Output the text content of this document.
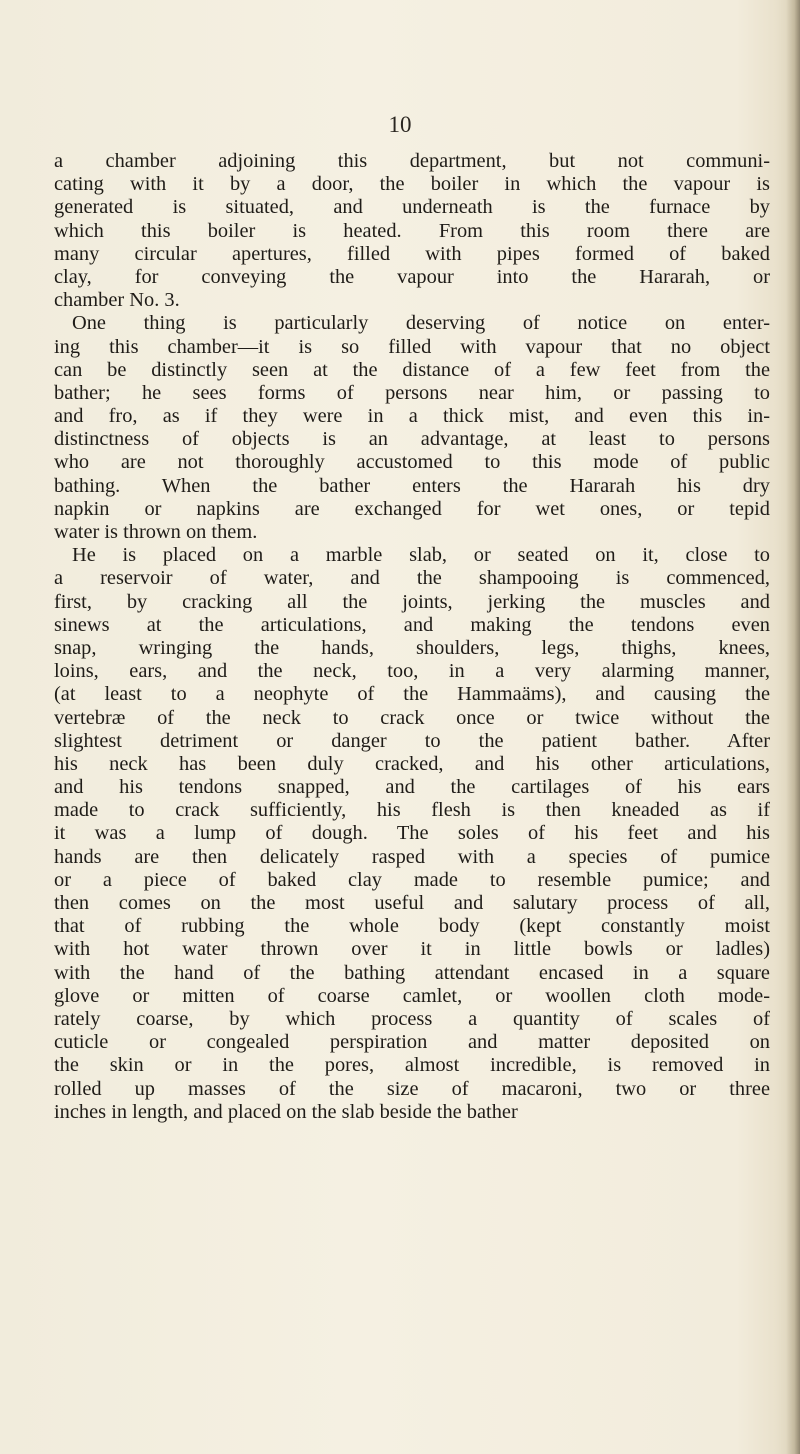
10

a chamber adjoining this department, but not communi-
cating with it by a door, the boiler in which the vapour is
generated is situated, and underneath is the furnace by
which this boiler is heated. From this room there are
many circular apertures, filled with pipes formed of baked
clay, for conveying the vapour into the Hararah, or
chamber No. 3.
One thing is particularly deserving of notice on enter-
ing this chamber—it is so filled with vapour that no object
can be distinctly seen at the distance of a few feet from the
bather; he sees forms of persons near him, or passing to
and fro, as if they were in a thick mist, and even this in-
distinctness of objects is an advantage, at least to persons
who are not thoroughly accustomed to this mode of public
bathing. When the bather enters the Hararah his dry
napkin or napkins are exchanged for wet ones, or tepid
water is thrown on them.
He is placed on a marble slab, or seated on it, close to
a reservoir of water, and the shampooing is commenced,
first, by cracking all the joints, jerking the muscles and
sinews at the articulations, and making the tendons even
snap, wringing the hands, shoulders, legs, thighs, knees,
loins, ears, and the neck, too, in a very alarming manner,
(at least to a neophyte of the Hammaäms), and causing the
vertebræ of the neck to crack once or twice without the
slightest detriment or danger to the patient bather. After
his neck has been duly cracked, and his other articulations,
and his tendons snapped, and the cartilages of his ears
made to crack sufficiently, his flesh is then kneaded as if
it was a lump of dough. The soles of his feet and his
hands are then delicately rasped with a species of pumice
or a piece of baked clay made to resemble pumice; and
then comes on the most useful and salutary process of all,
that of rubbing the whole body (kept constantly moist
with hot water thrown over it in little bowls or ladles)
with the hand of the bathing attendant encased in a square
glove or mitten of coarse camlet, or woollen cloth mode-
rately coarse, by which process a quantity of scales of
cuticle or congealed perspiration and matter deposited on
the skin or in the pores, almost incredible, is removed in
rolled up masses of the size of macaroni, two or three
inches in length, and placed on the slab beside the bather
